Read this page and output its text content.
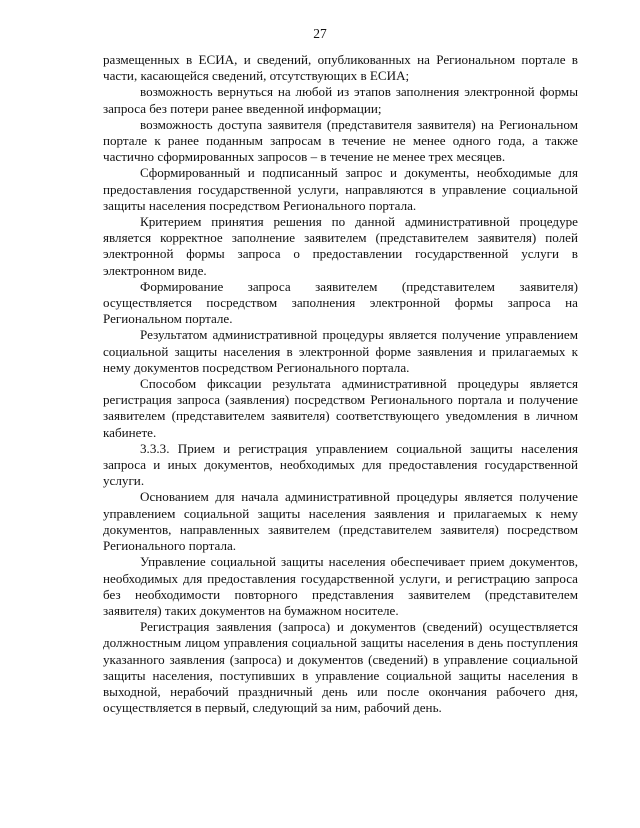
27

размещенных в ЕСИА, и сведений, опубликованных на Региональном портале в части, касающейся сведений, отсутствующих в ЕСИА;

возможность вернуться на любой из этапов заполнения электронной формы запроса без потери ранее введенной информации;

возможность доступа заявителя (представителя заявителя) на Региональном портале к ранее поданным запросам в течение не менее одного года, а также частично сформированных запросов – в течение не менее трех месяцев.

Сформированный и подписанный запрос и документы, необходимые для предоставления государственной услуги, направляются в управление социальной защиты населения посредством Регионального портала.

Критерием принятия решения по данной административной процедуре является корректное заполнение заявителем (представителем заявителя) полей электронной формы запроса о предоставлении государственной услуги в электронном виде.

Формирование запроса заявителем (представителем заявителя) осуществляется посредством заполнения электронной формы запроса на Региональном портале.

Результатом административной процедуры является получение управлением социальной защиты населения в электронной форме заявления и прилагаемых к нему документов посредством Регионального портала.

Способом фиксации результата административной процедуры является регистрация запроса (заявления) посредством Регионального портала и получение заявителем (представителем заявителя) соответствующего уведомления в личном кабинете.

3.3.3. Прием и регистрация управлением социальной защиты населения запроса и иных документов, необходимых для предоставления государственной услуги.

Основанием для начала административной процедуры является получение управлением социальной защиты населения заявления и прилагаемых к нему документов, направленных заявителем (представителем заявителя) посредством Регионального портала.

Управление социальной защиты населения обеспечивает прием документов, необходимых для предоставления государственной услуги, и регистрацию запроса без необходимости повторного представления заявителем (представителем заявителя) таких документов на бумажном носителе.

Регистрация заявления (запроса) и документов (сведений) осуществляется должностным лицом управления социальной защиты населения в день поступления указанного заявления (запроса) и документов (сведений) в управление социальной защиты населения, поступивших в управление социальной защиты населения в выходной, нерабочий праздничный день или после окончания рабочего дня, осуществляется в первый, следующий за ним, рабочий день.
